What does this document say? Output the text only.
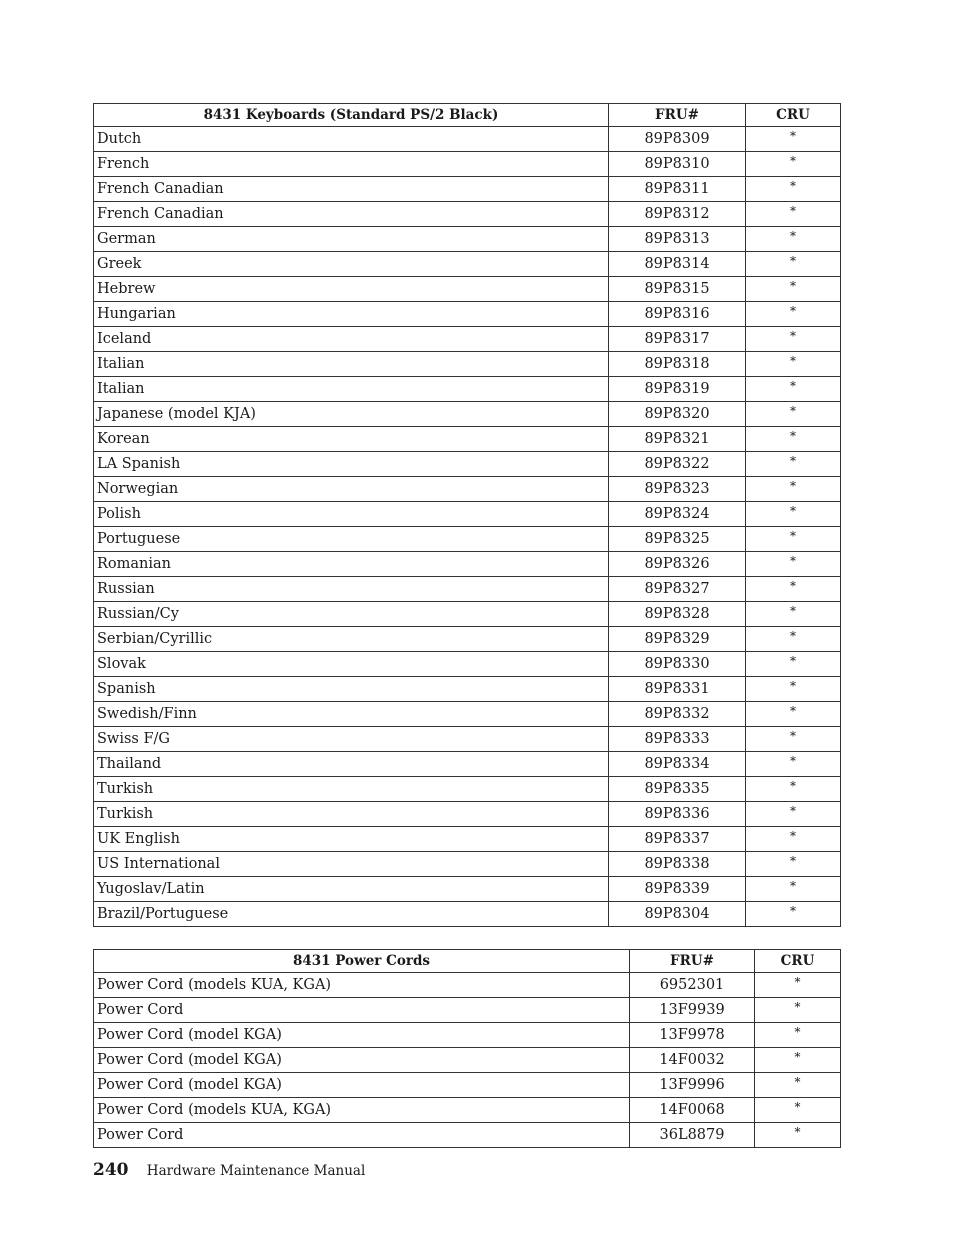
8431 Keyboards (Standard PS/2 Black)	FRU#	CRU
Dutch	89P8309	*
French	89P8310	*
French Canadian	89P8311	*
French Canadian	89P8312	*
German	89P8313	*
Greek	89P8314	*
Hebrew	89P8315	*
Hungarian	89P8316	*
Iceland	89P8317	*
Italian	89P8318	*
Italian	89P8319	*
Japanese (model KJA)	89P8320	*
Korean	89P8321	*
LA Spanish	89P8322	*
Norwegian	89P8323	*
Polish	89P8324	*
Portuguese	89P8325	*
Romanian	89P8326	*
Russian	89P8327	*
Russian/Cy	89P8328	*
Serbian/Cyrillic	89P8329	*
Slovak	89P8330	*
Spanish	89P8331	*
Swedish/Finn	89P8332	*
Swiss F/G	89P8333	*
Thailand	89P8334	*
Turkish	89P8335	*
Turkish	89P8336	*
UK English	89P8337	*
US International	89P8338	*
Yugoslav/Latin	89P8339	*
Brazil/Portuguese	89P8304	*
8431 Power Cords	FRU#	CRU
Power Cord (models KUA, KGA)	6952301	*
Power Cord	13F9939	*
Power Cord (model KGA)	13F9978	*
Power Cord (model KGA)	14F0032	*
Power Cord (model KGA)	13F9996	*
Power Cord (models KUA, KGA)	14F0068	*
Power Cord	36L8879	*
240 Hardware Maintenance Manual
